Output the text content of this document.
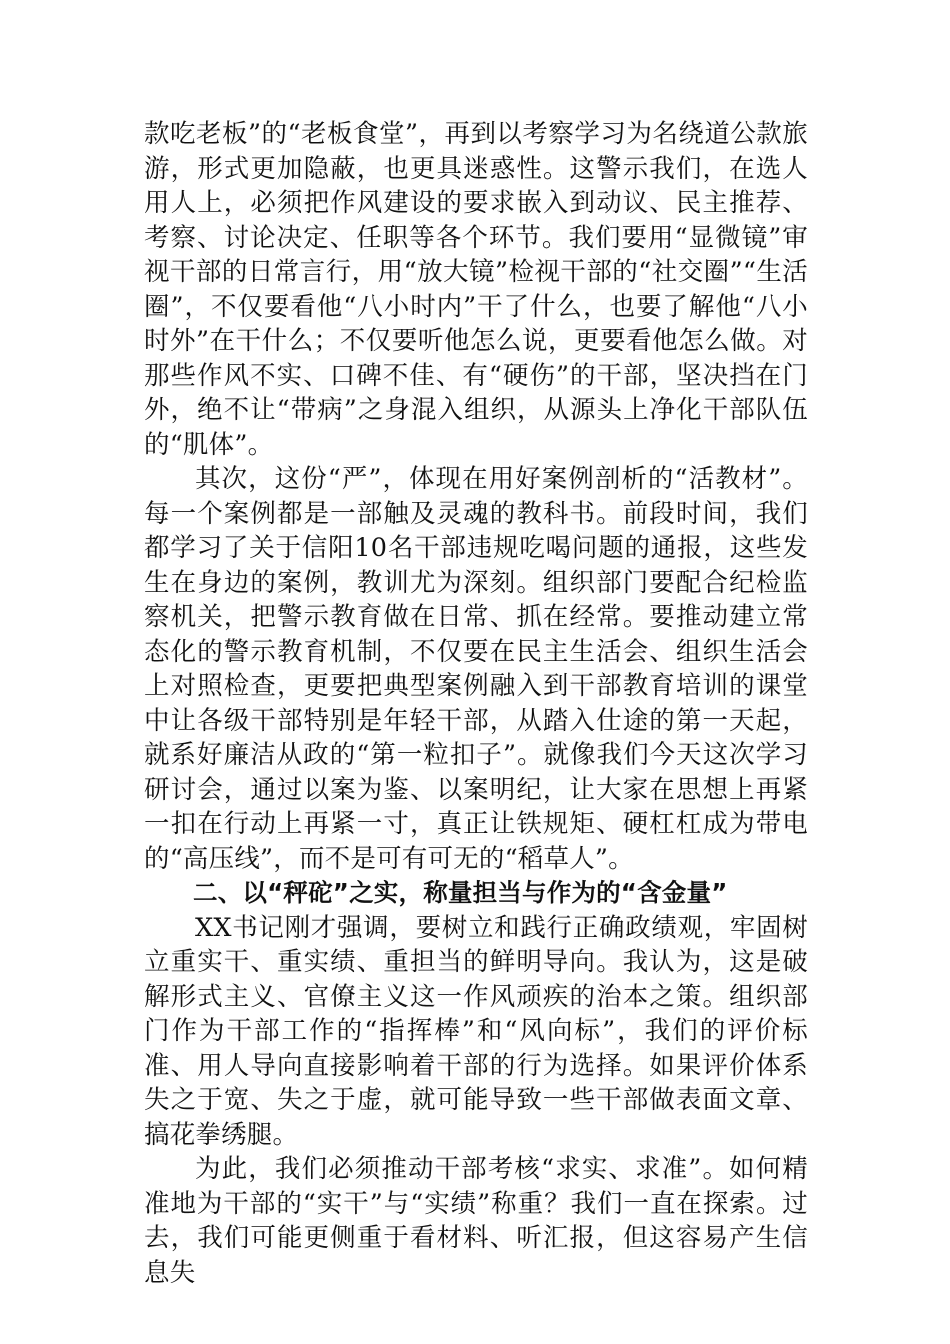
款吃老板”的“老板食堂”，再到以考察学习为名绕道公款旅游，形式更加隐蔽，也更具迷惑性。这警示我们，在选人用人上，必须把作风建设的要求嵌入到动议、民主推荐、考察、讨论决定、任职等各个环节。我们要用“显微镜”审视干部的日常言行，用“放大镜”检视干部的“社交圈”“生活圈”，不仅要看他“八小时内”干了什么，也要了解他“八小时外”在干什么；不仅要听他怎么说，更要看他怎么做。对那些作风不实、口碑不佳、有“硬伤”的干部，坚决挡在门外，绝不让“带病”之身混入组织，从源头上净化干部队伍的“肌体”。

其次，这份“严”，体现在用好案例剖析的“活教材”。每一个案例都是一部触及灵魂的教科书。前段时间，我们都学习了关于信阳10名干部违规吃喝问题的通报，这些发生在身边的案例，教训尤为深刻。组织部门要配合纪检监察机关，把警示教育做在日常、抓在经常。要推动建立常态化的警示教育机制，不仅要在民主生活会、组织生活会上对照检查，更要把典型案例融入到干部教育培训的课堂中让各级干部特别是年轻干部，从踏入仕途的第一天起，就系好廉洁从政的“第一粒扣子”。就像我们今天这次学习研讨会，通过以案为鉴、以案明纪，让大家在思想上再紧一扣在行动上再紧一寸，真正让铁规矩、硬杠杠成为带电的“高压线”，而不是可有可无的“稻草人”。

二、以“秤砣”之实，称量担当与作为的“含金量”

XX书记刚才强调，要树立和践行正确政绩观，牢固树立重实干、重实绩、重担当的鲜明导向。我认为，这是破解形式主义、官僚主义这一作风顽疾的治本之策。组织部门作为干部工作的“指挥棒”和“风向标”，我们的评价标准、用人导向直接影响着干部的行为选择。如果评价体系失之于宽、失之于虚，就可能导致一些干部做表面文章、搞花拳绣腿。

为此，我们必须推动干部考核“求实、求准”。如何精准地为干部的“实干”与“实绩”称重？我们一直在探索。过去，我们可能更侧重于看材料、听汇报，但这容易产生信息失
